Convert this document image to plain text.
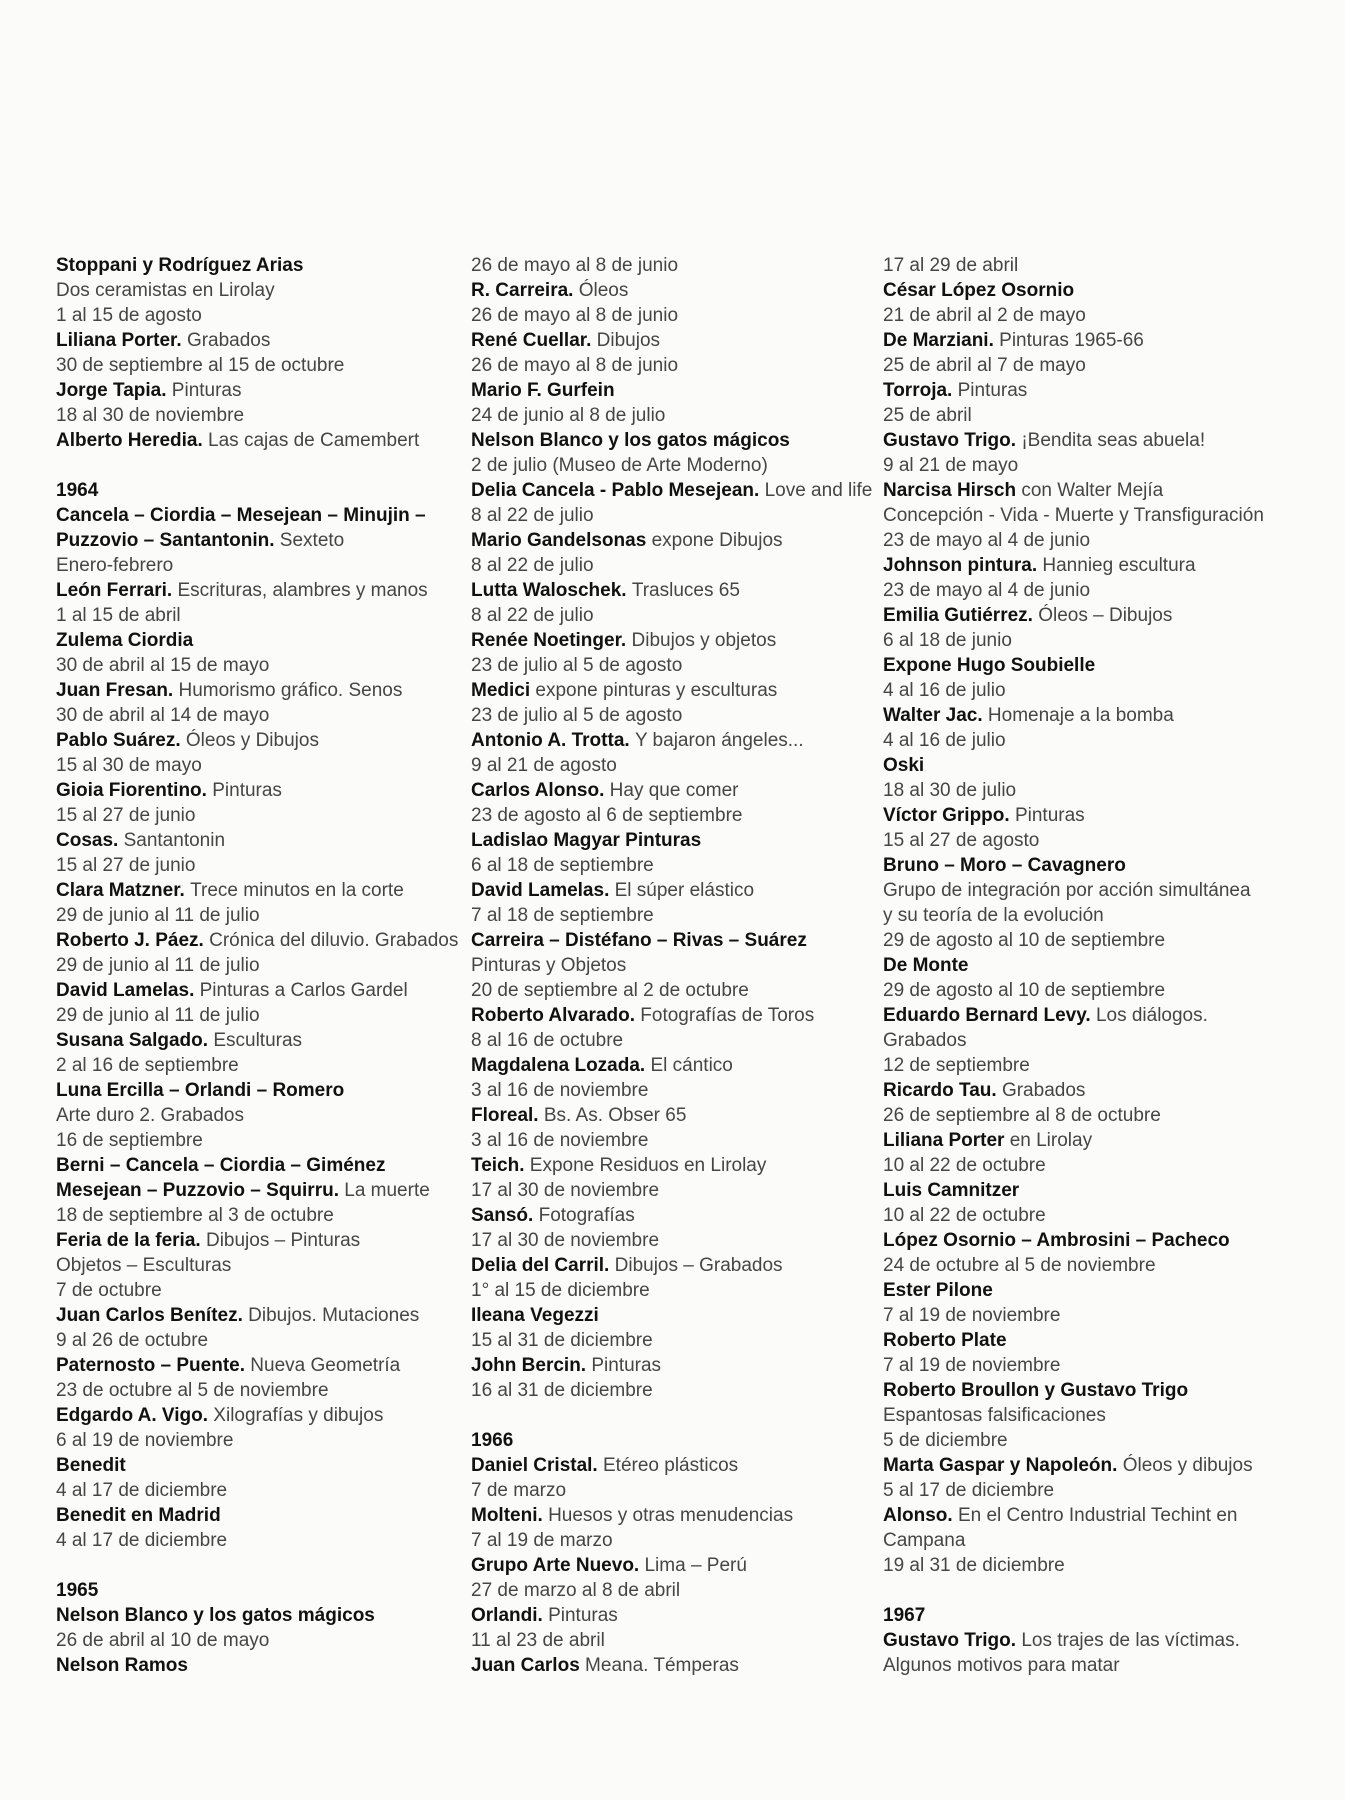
Stoppani y Rodríguez Arias
Dos ceramistas en Lirolay
1 al 15 de agosto
Liliana Porter. Grabados
30 de septiembre al 15 de octubre
Jorge Tapia. Pinturas
18 al 30 de noviembre
Alberto Heredia. Las cajas de Camembert
1964
Cancela – Ciordia – Mesejean – Minujin –
Puzzovio – Santantonin. Sexteto
Enero-febrero
León Ferrari. Escrituras, alambres y manos
1 al 15 de abril
Zulema Ciordia
30 de abril al 15 de mayo
Juan Fresan. Humorismo gráfico. Senos
30 de abril al 14 de mayo
Pablo Suárez. Óleos y Dibujos
15 al 30 de mayo
Gioia Fiorentino. Pinturas
15 al 27 de junio
Cosas. Santantonin
15 al 27 de junio
Clara Matzner. Trece minutos en la corte
29 de junio al 11 de julio
Roberto J. Páez. Crónica del diluvio. Grabados
29 de junio al 11 de julio
David Lamelas. Pinturas a Carlos Gardel
29 de junio al 11 de julio
Susana Salgado. Esculturas
2 al 16 de septiembre
Luna Ercilla – Orlandi – Romero
Arte duro 2. Grabados
16 de septiembre
Berni – Cancela – Ciordia – Giménez
Mesejean – Puzzovio – Squirru. La muerte
18 de septiembre al 3 de octubre
Feria de la feria. Dibujos – Pinturas
Objetos – Esculturas
7 de octubre
Juan Carlos Benítez. Dibujos. Mutaciones
9 al 26 de octubre
Paternosto – Puente. Nueva Geometría
23 de octubre al 5 de noviembre
Edgardo A. Vigo. Xilografías y dibujos
6 al 19 de noviembre
Benedit
4 al 17 de diciembre
Benedit en Madrid
4 al 17 de diciembre
1965
Nelson Blanco y los gatos mágicos
26 de abril al 10 de mayo
Nelson Ramos
26 de mayo al 8 de junio
R. Carreira. Óleos
26 de mayo al 8 de junio
René Cuellar. Dibujos
26 de mayo al 8 de junio
Mario F. Gurfein
24 de junio al 8 de julio
Nelson Blanco y los gatos mágicos
2 de julio (Museo de Arte Moderno)
Delia Cancela - Pablo Mesejean. Love and life
8 al 22 de julio
Mario Gandelsonas expone Dibujos
8 al 22 de julio
Lutta Waloschek. Trasluces 65
8 al 22 de julio
Renée Noetinger. Dibujos y objetos
23 de julio al 5 de agosto
Medici expone pinturas y esculturas
23 de julio al 5 de agosto
Antonio A. Trotta. Y bajaron ángeles...
9 al 21 de agosto
Carlos Alonso. Hay que comer
23 de agosto al 6 de septiembre
Ladislao Magyar Pinturas
6 al 18 de septiembre
David Lamelas. El súper elástico
7 al 18 de septiembre
Carreira – Distéfano – Rivas – Suárez
Pinturas y Objetos
20 de septiembre al 2 de octubre
Roberto Alvarado. Fotografías de Toros
8 al 16 de octubre
Magdalena Lozada. El cántico
3 al 16 de noviembre
Floreal. Bs. As. Obser 65
3 al 16 de noviembre
Teich. Expone Residuos en Lirolay
17 al 30 de noviembre
Sansó. Fotografías
17 al 30 de noviembre
Delia del Carril. Dibujos – Grabados
1° al 15 de diciembre
Ileana Vegezzi
15 al 31 de diciembre
John Bercin. Pinturas
16 al 31 de diciembre
1966
Daniel Cristal. Etéreo plásticos
7 de marzo
Molteni. Huesos y otras menudencias
7 al 19 de marzo
Grupo Arte Nuevo. Lima – Perú
27 de marzo al 8 de abril
Orlandi. Pinturas
11 al 23 de abril
Juan Carlos Meana. Témperas
17 al 29 de abril
César López Osornio
21 de abril al 2 de mayo
De Marziani. Pinturas 1965-66
25 de abril al 7 de mayo
Torroja. Pinturas
25 de abril
Gustavo Trigo. ¡Bendita seas abuela!
9 al 21 de mayo
Narcisa Hirsch con Walter Mejía
Concepción - Vida - Muerte y Transfiguración
23 de mayo al 4 de junio
Johnson pintura. Hannieg escultura
23 de mayo al 4 de junio
Emilia Gutiérrez. Óleos – Dibujos
6 al 18 de junio
Expone Hugo Soubielle
4 al 16 de julio
Walter Jac. Homenaje a la bomba
4 al 16 de julio
Oski
18 al 30 de julio
Víctor Grippo. Pinturas
15 al 27 de agosto
Bruno – Moro – Cavagnero
Grupo de integración por acción simultánea
y su teoría de la evolución
29 de agosto al 10 de septiembre
De Monte
29 de agosto al 10 de septiembre
Eduardo Bernard Levy. Los diálogos.
Grabados
12 de septiembre
Ricardo Tau. Grabados
26 de septiembre al 8 de octubre
Liliana Porter en Lirolay
10 al 22 de octubre
Luis Camnitzer
10 al 22 de octubre
López Osornio – Ambrosini – Pacheco
24 de octubre al 5 de noviembre
Ester Pilone
7 al 19 de noviembre
Roberto Plate
7 al 19 de noviembre
Roberto Broullon y Gustavo Trigo
Espantosas falsificaciones
5 de diciembre
Marta Gaspar y Napoleón. Óleos y dibujos
5 al 17 de diciembre
Alonso. En el Centro Industrial Techint en
Campana
19 al 31 de diciembre
1967
Gustavo Trigo. Los trajes de las víctimas.
Algunos motivos para matar
